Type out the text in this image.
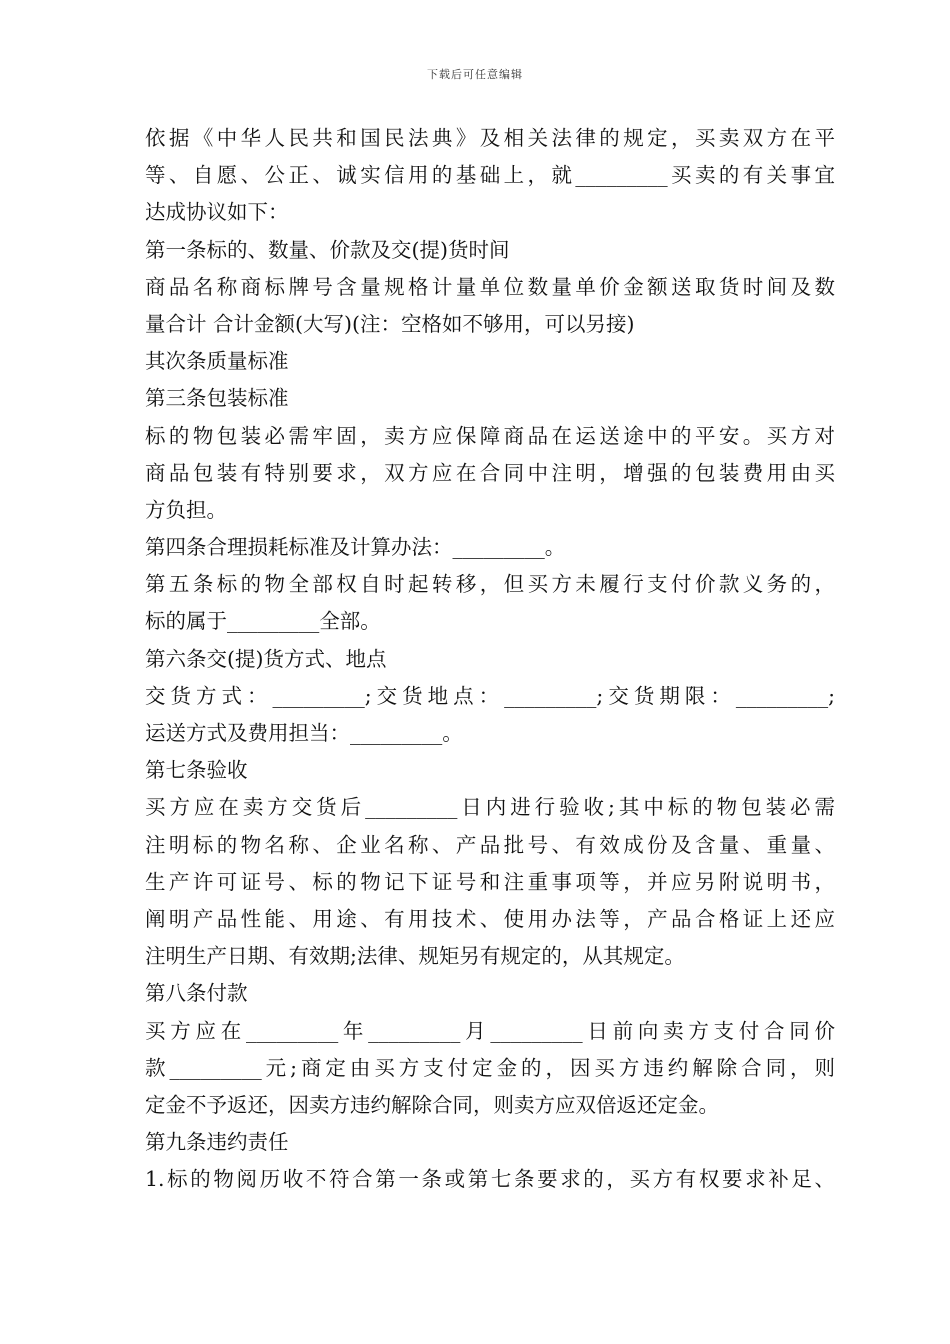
下载后可任意编辑
依据《中华人民共和国民法典》及相关法律的规定，买卖双方在平
等、自愿、公正、诚实信用的基础上，就_________买卖的有关事宜
达成协议如下：
第一条标的、数量、价款及交(提)货时间
商品名称商标牌号含量规格计量单位数量单价金额送取货时间及数
量合计 合计金额(大写)(注：空格如不够用，可以另接)
其次条质量标准
第三条包装标准
标的物包装必需牢固，卖方应保障商品在运送途中的平安。买方对
商品包装有特别要求，双方应在合同中注明，增强的包装费用由买
方负担。
第四条合理损耗标准及计算办法：_________。
第五条标的物全部权自时起转移，但买方未履行支付价款义务的，
标的属于_________全部。
第六条交(提)货方式、地点
交货方式：_________;交货地点：_________;交货期限：_________;
运送方式及费用担当：_________。
第七条验收
买方应在卖方交货后_________日内进行验收;其中标的物包装必需
注明标的物名称、企业名称、产品批号、有效成份及含量、重量、
生产许可证号、标的物记下证号和注重事项等，并应另附说明书，
阐明产品性能、用途、有用技术、使用办法等，产品合格证上还应
注明生产日期、有效期;法律、规矩另有规定的，从其规定。
第八条付款
买方应在_________年_________月_________日前向卖方支付合同价
款_________元;商定由买方支付定金的，因买方违约解除合同，则
定金不予返还，因卖方违约解除合同，则卖方应双倍返还定金。
第九条违约责任
1.标的物阅历收不符合第一条或第七条要求的，买方有权要求补足、
